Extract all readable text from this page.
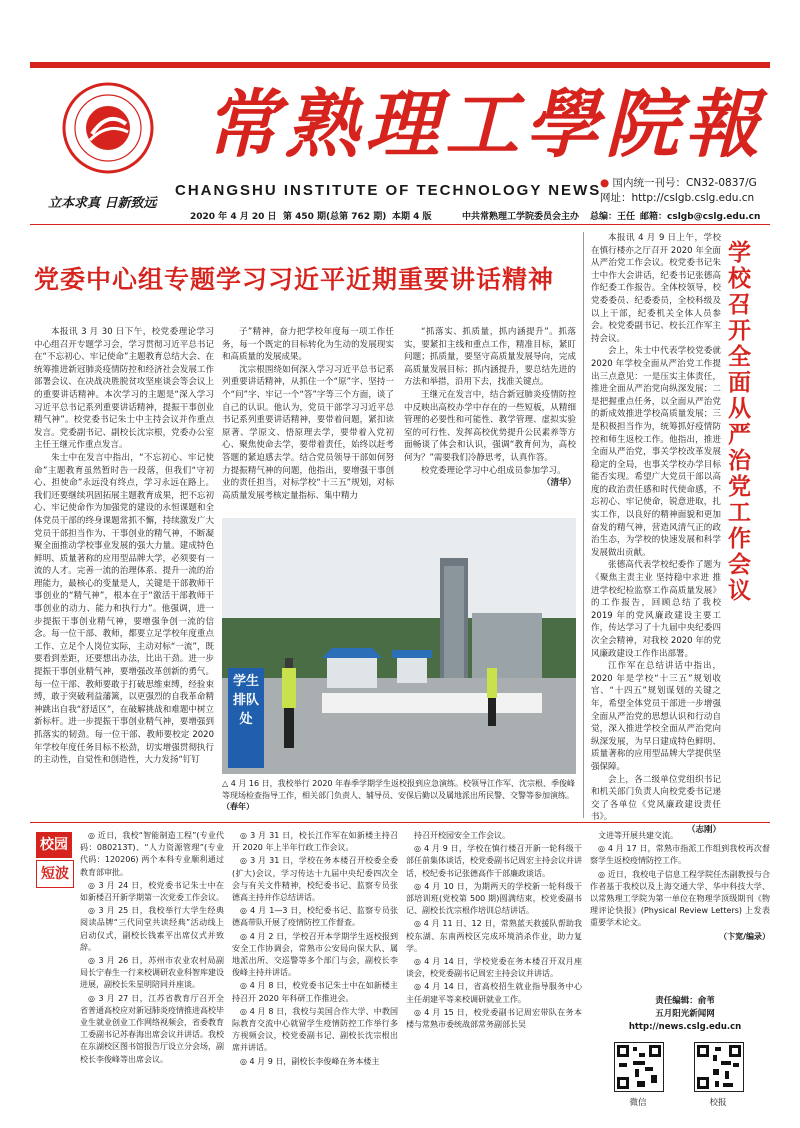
常熟理工學院報
CHANGSHU INSTITUTE OF TECHNOLOGY NEWS
立本求真 日新致远
● 国内统一刊号：CN32-0837/G
网址：http://cslgb.cslg.edu.cn
2020 年 4 月 20 日 第 450 期(总第 762 期) 本期 4 版	中共常熟理工学院委员会主办 总编：王任 邮箱：cslgb@cslg.edu.cn
党委中心组专题学习习近平近期重要讲话精神

本报讯 3 月 30 日下午，校党委理论学习中心组召开专题学习会，学习贯彻习近平总书记在“不忘初心、牢记使命”主题教育总结大会、在统筹推进新冠肺炎疫情防控和经济社会发展工作部署会议、在决战决胜脱贫攻坚座谈会等会议上的重要讲话精神。本次学习的主题是“深入学习习近平总书记系列重要讲话精神，提振干事创业精气神”。校党委书记朱士中主持会议并作重点发言。党委副书记、副校长沈宗根，党委办公室主任王继元作重点发言。

朱士中在发言中指出，“不忘初心、牢记使命”主题教育虽然暂时告一段落，但我们“守初心、担使命”永远没有终点，学习永远在路上。我们还要继续巩固拓展主题教育成果，把不忘初心、牢记使命作为加强党的建设的永恒课题和全体党员干部的终身课题常抓不懈，持续激发广大党员干部担当作为、干事创业的精气神，不断凝聚全面推动学校事业发展的强大力量。建成特色鲜明、质量著称的应用型品牌大学，必须要有一流的人才。完善一流的治理体系、提升一流的治理能力，最核心的变量是人，关键是干部教师干事创业的“精气神”，根本在于“激活干部教师干事创业的动力、能力和执行力”。他强调，进一步提振干事创业精气神，要增强争创一流的信念。每一位干部、教师，都要立足学校年度重点工作、立足个人岗位实际，主动对标“一流”，既要看到差距，还要想出办法，比出干劲。进一步提振干事创业精气神，要增强改革创新的勇气。每一位干部、教师要敢于打破思维束缚，经验束缚，敢于突破利益藩篱，以更强烈的自我革命精神跳出自我“舒适区”，在破解挑战和难题中树立新标杆。进一步提振干事创业精气神，要增强到抓落实的韧劲。每一位干部、教师要校定 2020 年学校年度任务目标不松劲，切实增强贯彻执行的主动性，自觉性和创造性，大力发扬“钉钉

子”精神，奋力把学校年度每一项工作任务，每一个既定的目标转化为生动的发展现实和高质量的发展成果。

沈宗根围绕如何深入学习习近平总书记系列重要讲话精神，从抓住一个“原”字、坚持一个“问”字、牢记一个“答”字等三个方面，谈了自己的认识。他认为，党员干部学习习近平总书记系列重要讲话精神，要带着问题，紧扣读原著、学原文、悟原理去学，要带着入党初心、聚焦使命去学，要带着责任，始终以赶考答题的紧迫感去学。结合党员领导干部如何努力提振精气神的问题，他指出，要增强干事创业的责任担当，对标学校“十三五”规划，对标高质量发展考核定量指标、集中精力

“抓落实、抓质量，抓内涵提升”。抓落实，要紧扣主线和重点工作，精准目标，紧盯问题；抓质量，要坚守高质量发展导向，完成高质量发展目标；抓内涵提升，要总结先进的方法和举措，沿用下去，找准关键点。

王继元在发言中，结合新冠肺炎疫情防控中反映出高校办学中存在的一些短板，从精细管理的必要性和可能性、教学管理、虚拟实验室的可行性、发挥高校优势提升公民素养等方面畅谈了体会和认识，强调“教育何为，高校何为？”需要我们冷静思考，认真作答。

校党委理论学习中心组成员参加学习。

（清华）
学生排队处
△ 4 月 16 日，我校举行 2020 年春季学期学生返校报到应急演练。校领导江作军、沈宗根、季俊峰等现场检查指导工作，相关部门负责人、辅导员、安保后勤以及属地派出所民警、交警等参加演练。 （春年）

本报讯 4 月 9 日上午，学校在慎行楼亦之厅召开 2020 年全面从严治党工作会议。校党委书记朱士中作大会讲话，纪委书记张德高作纪委工作报告。全体校领导，校党委委员、纪委委员，全校科级及以上干部，纪委机关全体人员参会。校党委副书记、校长江作军主持会议。

会上，朱士中代表学校党委就 2020 年学校全面从严治党工作提出三点意见：一是压实主体责任，推进全面从严治党向纵深发展；二是把握重点任务，以全面从严治党的新成效推进学校高质量发展；三是积极担当作为，统筹抓好疫情防控和师生返校工作。他指出，推进全面从严治党，事关学校改革发展稳定的全局，也事关学校办学目标能否实现。希望广大党员干部以高度的政治责任感和时代使命感，不忘初心、牢记使命，锐意进取，扎实工作，以良好的精神面貌和更加奋发的精气神，营造风清气正的政治生态，为学校的快速发展和科学发展做出贡献。

张德高代表学校纪委作了题为《聚焦主责主业 坚持稳中求进 推进学校纪检监察工作高质量发展》的工作报告，回顾总结了我校 2019 年的党风廉政建设主要工作，传达学习了十九届中央纪委四次全会精神，对我校 2020 年的党风廉政建设工作作出部署。

江作军在总结讲话中指出，2020 年是学校“十三五”规划收官、“十四五”规划谋划的关键之年，希望全体党员干部进一步增强全面从严治党的思想认识和行动自觉，深入推进学校全面从严治党向纵深发展，为早日建成特色鲜明、质量著称的应用型品牌大学提供坚强保障。

会上，各二级单位党组织书记和机关部门负责人向校党委书记递交了各单位《党风廉政建设责任书》。

（志刚）
学校召开全面从严治党工作会议
校园
短波

◎ 近日，我校“智能制造工程”(专业代码：080213T)、“人力资源管理”(专业代码：120206) 两个本科专业顺利通过教育部审批。

◎ 3 月 24 日，校党委书记朱士中在如新楼召开新学期第一次党委工作会议。

◎ 3 月 25 日，我校举行大学生经典阅读品牌“三代同堂共读经典”活动线上启动仪式，副校长钱素平出席仪式并致辞。

◎ 3 月 26 日，苏州市农业农村局副局长宁春生一行来校调研农业科智库建设进展，副校长朱星明陪同并座谈。

◎ 3 月 27 日，江苏省教育厅召开全省普通高校应对新冠肺炎疫情推进高校毕业生就业创业工作网络视频会，省委教育工委副书记苏春海出席会议并讲话。我校在东湖校区图书馆报告厅设立分会场，副校长李俊峰等出席会议。

◎ 3 月 31 日，校长江作军在如新楼主持召开 2020 年上半年行政工作会议。

◎ 3 月 31 日，学校在务本楼召开校委全委(扩大)会议，学习传达十九届中央纪委四次全会与有关文件精神，校纪委书记、监察专员张德高主持并作总结讲话。

◎ 4 月 1—3 日，校纪委书记、监察专员张德高带队开展了疫情防控工作督查。

◎ 4 月 2 日，学校召开本学期学生返校报到安全工作协调会，常熟市公安局向保大队、属地派出所、交巡警等多个部门与会，副校长李俊峰主持并讲话。

◎ 4 月 8 日，校党委书记朱士中在如新楼主持召开 2020 年科研工作推进会。

◎ 4 月 8 日，我校与美国合作大学、中教国际教育交流中心就留学生疫情防控工作举行多方视频会议，校党委副书记、副校长沈宗根出席并讲话。

◎ 4 月 9 日，副校长李俊峰在务本楼主

持召开校园安全工作会议。

◎ 4 月 9 日，学校在慎行楼召开新一轮科级干部任前集体谈话，校党委副书记周宏主持会议并讲话，校纪委书记张德高作干部廉政谈话。

◎ 4 月 10 日，为期两天的学校新一轮科级干部培训班(党校第 500 期)圆满结束，校党委副书记、副校长沈宗根作培训总结讲话。

◎ 4 月 11 日、12 日，常熟蓝天救援队帮助我校东湖、东南两校区完成环境消杀作业，助力复学。

◎ 4 月 14 日，学校党委在务本楼召开双月座谈会，校党委副书记周宏主持会议并讲话。

◎ 4 月 14 日，省高校招生就业指导服务中心主任胡建平等来校调研就业工作。

◎ 4 月 15 日，校党委副书记周宏带队在务本楼与常熟市委统战部常务副部长吴

文进等开展共建交流。

◎ 4 月 17 日，常熟市指派工作组到我校再次督察学生返校疫情防控工作。

◎ 近日，我校电子信息工程学院任杰副教授与合作者基于我校以及上海交通大学、华中科技大学、以常熟理工学院为第一单位在物理学顶级期刊《物理评论快报》(Physical Review Letters) 上发表重要学术论文。

（卞宽/编录）
责任编辑：俞苇
五月阳光新闻网
http://news.cslg.edu.cn
微信	校报
